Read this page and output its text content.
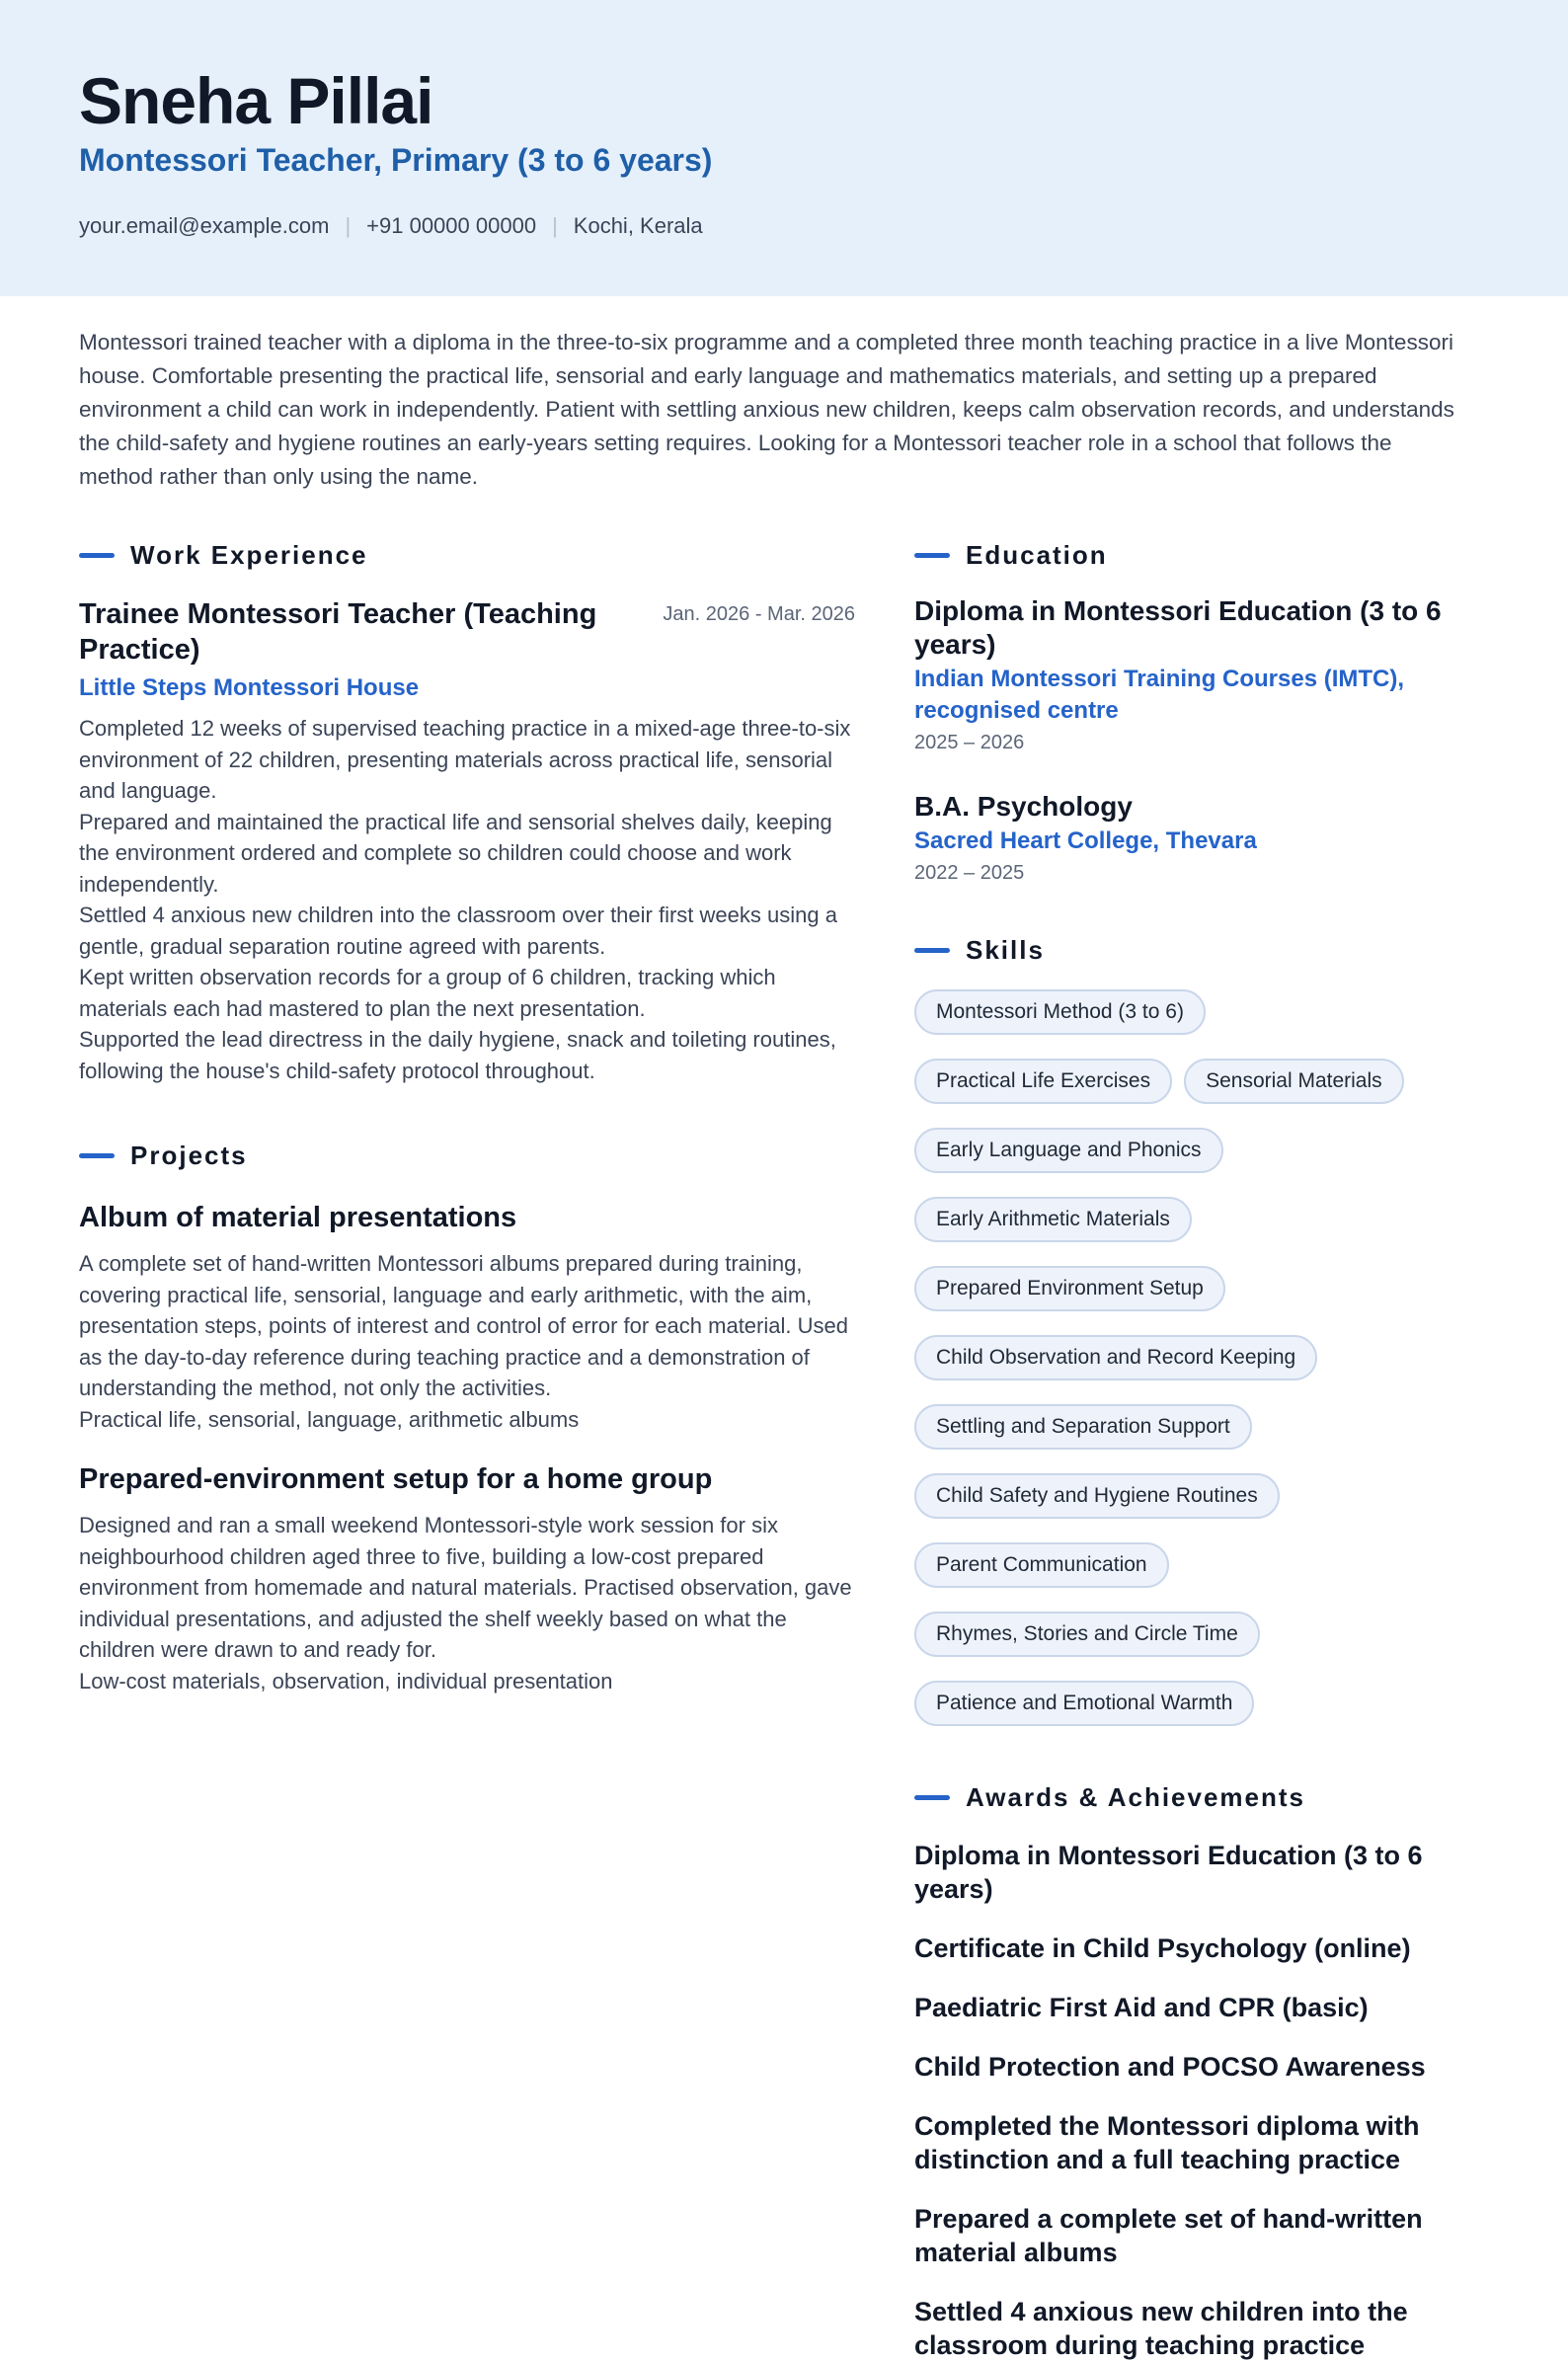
Sneha Pillai
Montessori Teacher, Primary (3 to 6 years)
your.email@example.com | +91 00000 00000 | Kochi, Kerala
Montessori trained teacher with a diploma in the three-to-six programme and a completed three month teaching practice in a live Montessori house. Comfortable presenting the practical life, sensorial and early language and mathematics materials, and setting up a prepared environment a child can work in independently. Patient with settling anxious new children, keeps calm observation records, and understands the child-safety and hygiene routines an early-years setting requires. Looking for a Montessori teacher role in a school that follows the method rather than only using the name.
Work Experience
Trainee Montessori Teacher (Teaching Practice)
Jan. 2026 - Mar. 2026
Little Steps Montessori House
Completed 12 weeks of supervised teaching practice in a mixed-age three-to-six environment of 22 children, presenting materials across practical life, sensorial and language.
Prepared and maintained the practical life and sensorial shelves daily, keeping the environment ordered and complete so children could choose and work independently.
Settled 4 anxious new children into the classroom over their first weeks using a gentle, gradual separation routine agreed with parents.
Kept written observation records for a group of 6 children, tracking which materials each had mastered to plan the next presentation.
Supported the lead directress in the daily hygiene, snack and toileting routines, following the house's child-safety protocol throughout.
Projects
Album of material presentations
A complete set of hand-written Montessori albums prepared during training, covering practical life, sensorial, language and early arithmetic, with the aim, presentation steps, points of interest and control of error for each material. Used as the day-to-day reference during teaching practice and a demonstration of understanding the method, not only the activities.
Practical life, sensorial, language, arithmetic albums
Prepared-environment setup for a home group
Designed and ran a small weekend Montessori-style work session for six neighbourhood children aged three to five, building a low-cost prepared environment from homemade and natural materials. Practised observation, gave individual presentations, and adjusted the shelf weekly based on what the children were drawn to and ready for.
Low-cost materials, observation, individual presentation
Education
Diploma in Montessori Education (3 to 6 years)
Indian Montessori Training Courses (IMTC), recognised centre
2025 – 2026
B.A. Psychology
Sacred Heart College, Thevara
2022 – 2025
Skills
Montessori Method (3 to 6)
Practical Life Exercises	Sensorial Materials
Early Language and Phonics
Early Arithmetic Materials
Prepared Environment Setup
Child Observation and Record Keeping
Settling and Separation Support
Child Safety and Hygiene Routines
Parent Communication
Rhymes, Stories and Circle Time
Patience and Emotional Warmth
Awards & Achievements
Diploma in Montessori Education (3 to 6 years)
Certificate in Child Psychology (online)
Paediatric First Aid and CPR (basic)
Child Protection and POCSO Awareness
Completed the Montessori diploma with distinction and a full teaching practice
Prepared a complete set of hand-written material albums
Settled 4 anxious new children into the classroom during teaching practice
